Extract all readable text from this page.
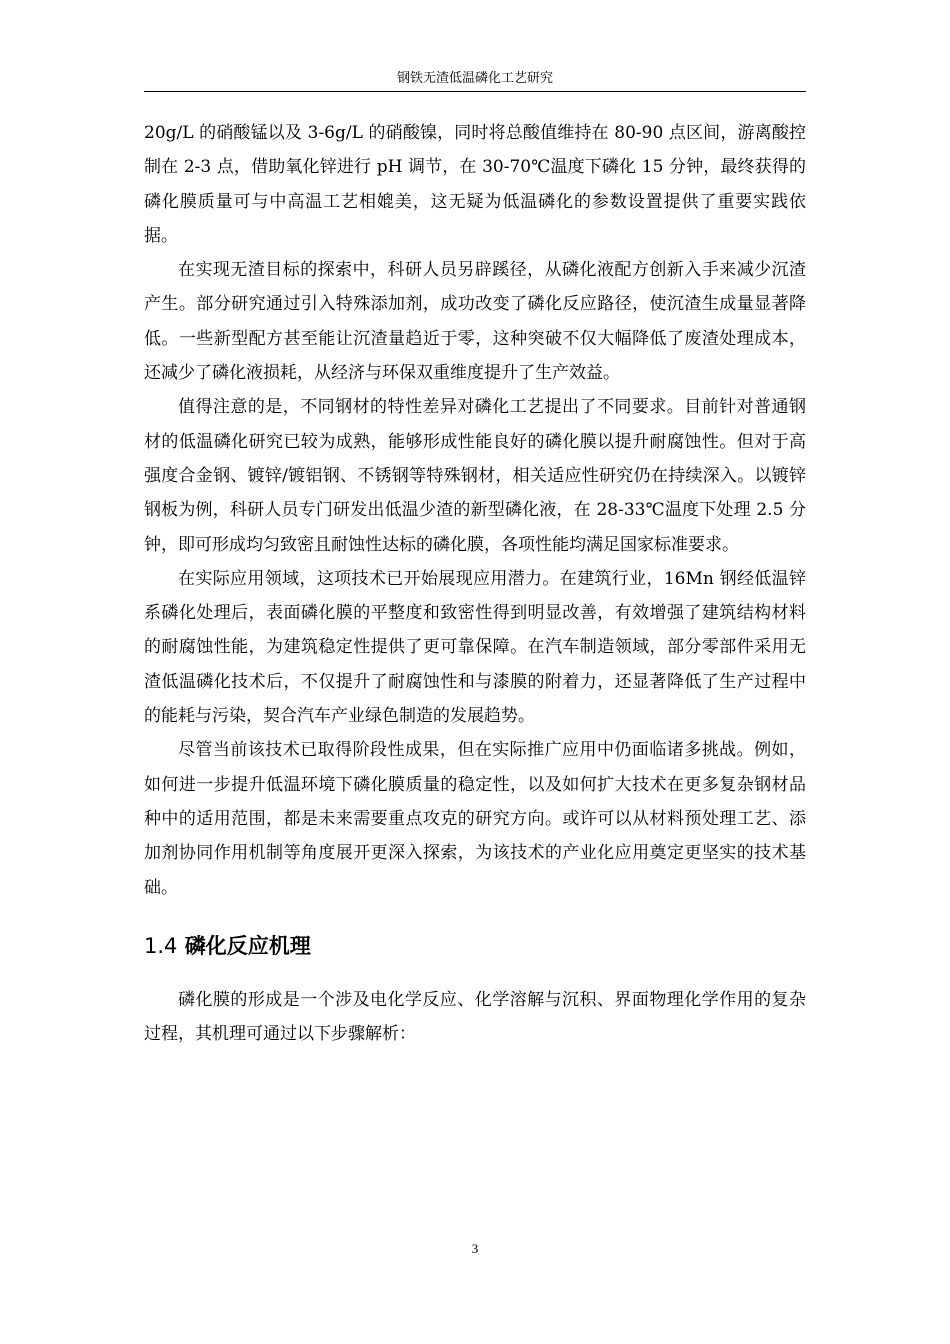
钢铁无渣低温磷化工艺研究

20g/L 的硝酸锰以及 3-6g/L 的硝酸镍，同时将总酸值维持在 80-90 点区间，游离酸控制在 2-3 点，借助氧化锌进行 pH 调节，在 30-70℃温度下磷化 15 分钟，最终获得的磷化膜质量可与中高温工艺相媲美，这无疑为低温磷化的参数设置提供了重要实践依据。

在实现无渣目标的探索中，科研人员另辟蹊径，从磷化液配方创新入手来减少沉渣产生。部分研究通过引入特殊添加剂，成功改变了磷化反应路径，使沉渣生成量显著降低。一些新型配方甚至能让沉渣量趋近于零，这种突破不仅大幅降低了废渣处理成本，还减少了磷化液损耗，从经济与环保双重维度提升了生产效益。

值得注意的是，不同钢材的特性差异对磷化工艺提出了不同要求。目前针对普通钢材的低温磷化研究已较为成熟，能够形成性能良好的磷化膜以提升耐腐蚀性。但对于高强度合金钢、镀锌/镀铝钢、不锈钢等特殊钢材，相关适应性研究仍在持续深入。以镀锌钢板为例，科研人员专门研发出低温少渣的新型磷化液，在 28-33℃温度下处理 2.5 分钟，即可形成均匀致密且耐蚀性达标的磷化膜，各项性能均满足国家标准要求。

在实际应用领域，这项技术已开始展现应用潜力。在建筑行业，16Mn 钢经低温锌系磷化处理后，表面磷化膜的平整度和致密性得到明显改善，有效增强了建筑结构材料的耐腐蚀性能，为建筑稳定性提供了更可靠保障。在汽车制造领域，部分零部件采用无渣低温磷化技术后，不仅提升了耐腐蚀性和与漆膜的附着力，还显著降低了生产过程中的能耗与污染，契合汽车产业绿色制造的发展趋势。

尽管当前该技术已取得阶段性成果，但在实际推广应用中仍面临诸多挑战。例如，如何进一步提升低温环境下磷化膜质量的稳定性，以及如何扩大技术在更多复杂钢材品种中的适用范围，都是未来需要重点攻克的研究方向。或许可以从材料预处理工艺、添加剂协同作用机制等角度展开更深入探索，为该技术的产业化应用奠定更坚实的技术基础。

1.4 磷化反应机理

磷化膜的形成是一个涉及电化学反应、化学溶解与沉积、界面物理化学作用的复杂过程，其机理可通过以下步骤解析：

3
